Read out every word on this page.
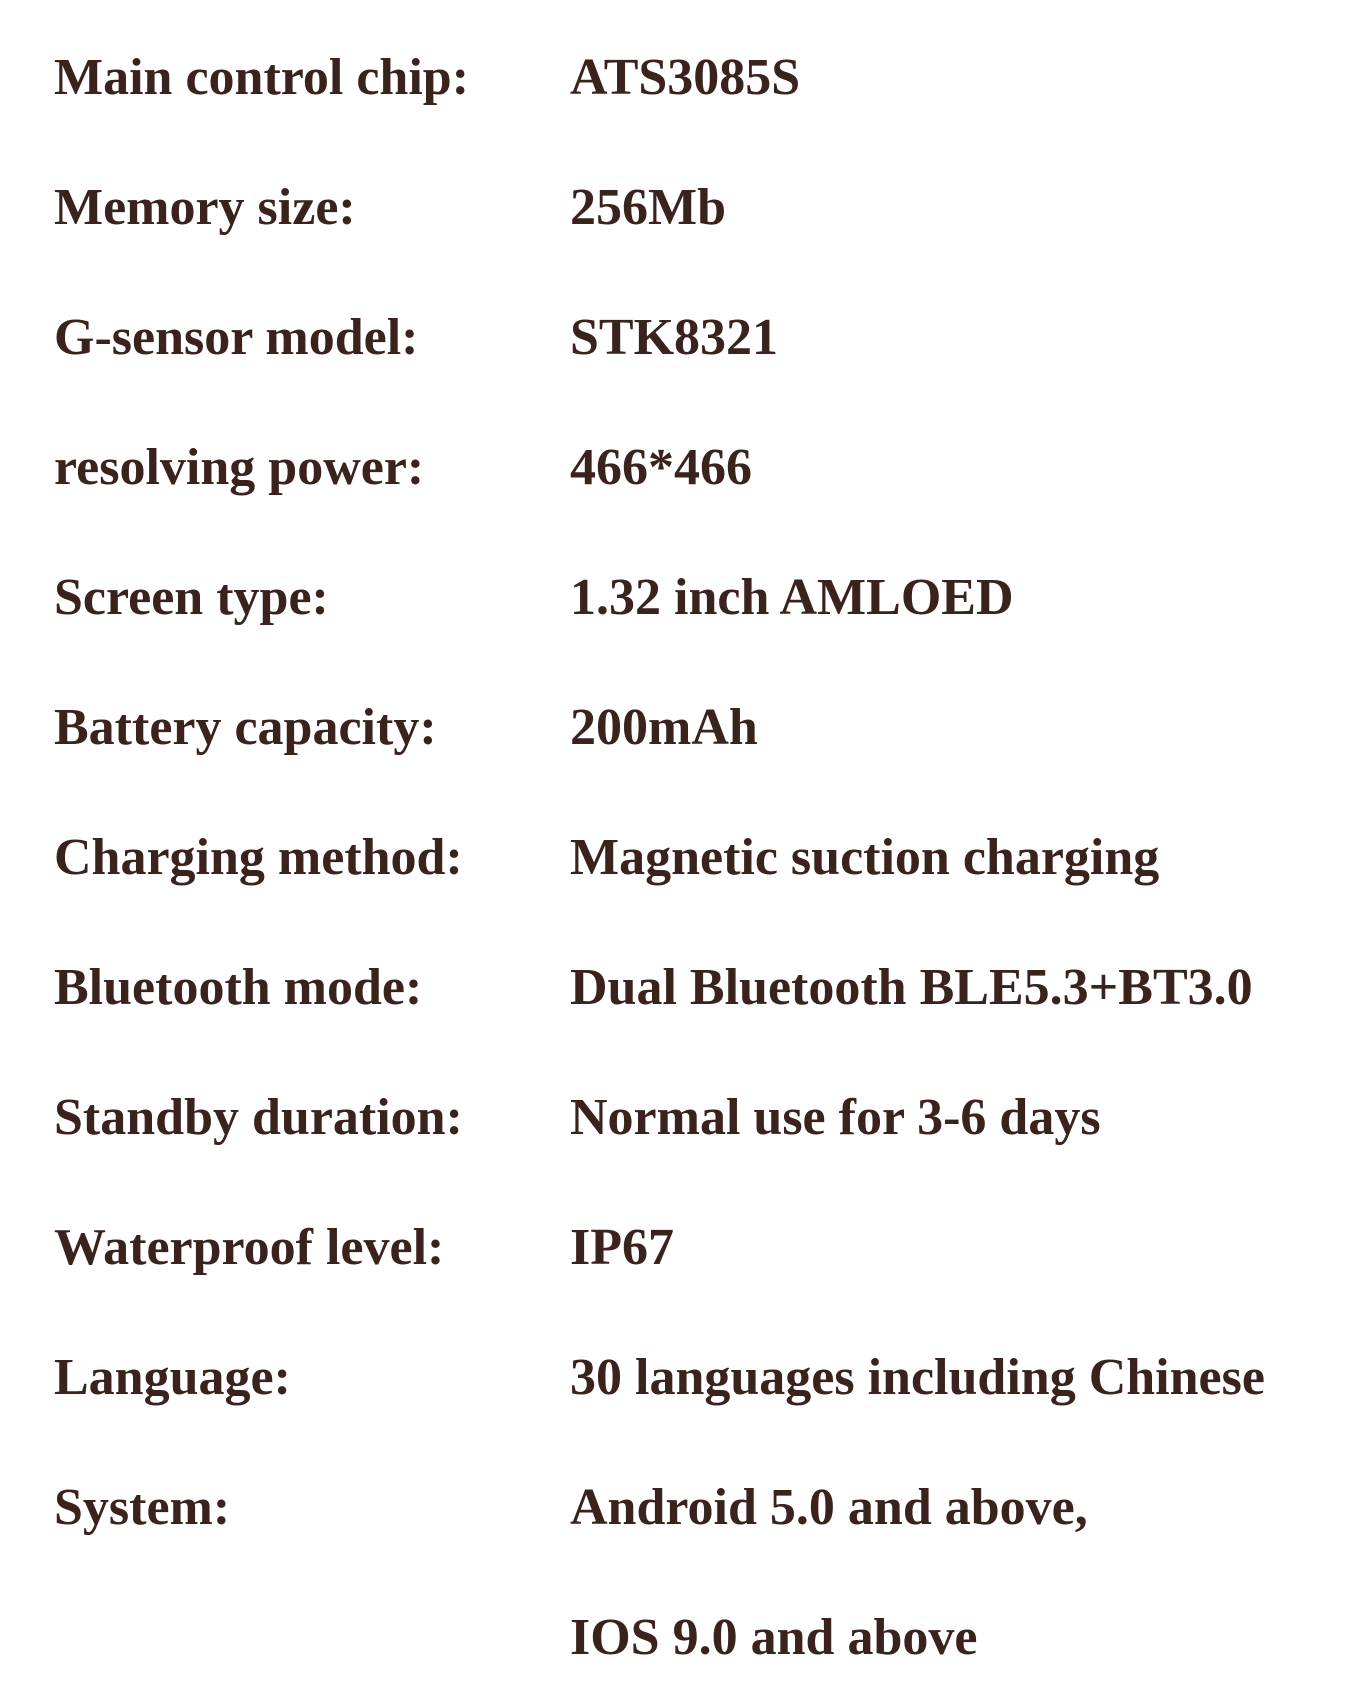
Main control chip: ATS3085S
Memory size:	256Mb
G-sensor model:	STK8321
resolving power:	466*466
Screen type:	1.32 inch AMLOED
Battery capacity:	200mAh
Charging method: Magnetic suction charging
Bluetooth mode:	Dual Bluetooth BLE5.3+BT3.0
Standby duration: Normal use for 3-6 days
Waterproof level: IP67
Language:	30 languages including Chinese
System:	Android 5.0 and above,
IOS 9.0 and above
